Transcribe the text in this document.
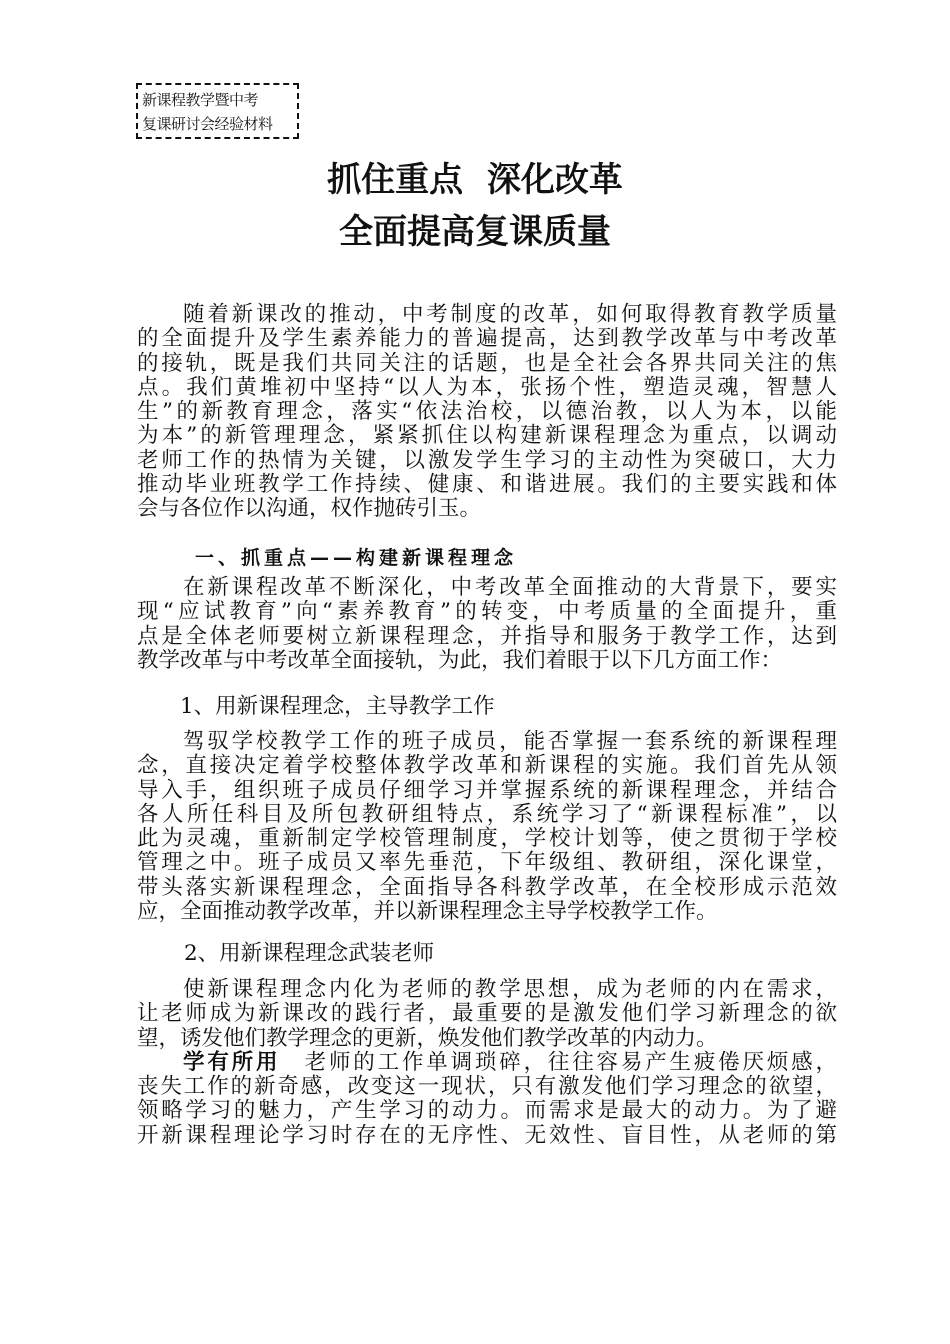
新课程教学暨中考
复课研讨会经验材料
抓住重点  深化改革
全面提高复课质量
随着新课改的推动，中考制度的改革，如何取得教育教学质量
的全面提升及学生素养能力的普遍提高，达到教学改革与中考改革
的接轨，既是我们共同关注的话题，也是全社会各界共同关注的焦
点。我们黄堆初中坚持“以人为本，张扬个性，塑造灵魂，智慧人
生”的新教育理念，落实“依法治校，以德治教，以人为本，以能
为本”的新管理理念，紧紧抓住以构建新课程理念为重点，以调动
老师工作的热情为关键，以激发学生学习的主动性为突破口，大力
推动毕业班教学工作持续、健康、和谐进展。我们的主要实践和体
会与各位作以沟通，权作抛砖引玉。
一、抓重点——构建新课程理念
在新课程改革不断深化，中考改革全面推动的大背景下，要实
现“应试教育”向“素养教育”的转变，中考质量的全面提升，重
点是全体老师要树立新课程理念，并指导和服务于教学工作，达到
教学改革与中考改革全面接轨，为此，我们着眼于以下几方面工作：
1、用新课程理念，主导教学工作
驾驭学校教学工作的班子成员，能否掌握一套系统的新课程理
念，直接决定着学校整体教学改革和新课程的实施。我们首先从领
导入手，组织班子成员仔细学习并掌握系统的新课程理念，并结合
各人所任科目及所包教研组特点，系统学习了“新课程标准”，以
此为灵魂，重新制定学校管理制度，学校计划等，使之贯彻于学校
管理之中。班子成员又率先垂范，下年级组、教研组，深化课堂，
带头落实新课程理念，全面指导各科教学改革，在全校形成示范效
应，全面推动教学改革，并以新课程理念主导学校教学工作。
2、用新课程理念武装老师
使新课程理念内化为老师的教学思想，成为老师的内在需求，
让老师成为新课改的践行者，最重要的是激发他们学习新理念的欲
望，诱发他们教学理念的更新，焕发他们教学改革的内动力。
学有所用　 老师的工作单调琐碎，往往容易产生疲倦厌烦感，
丧失工作的新奇感，改变这一现状，只有激发他们学习理念的欲望，
领略学习的魅力，产生学习的动力。而需求是最大的动力。为了避
开新课程理论学习时存在的无序性、无效性、盲目性，从老师的第
